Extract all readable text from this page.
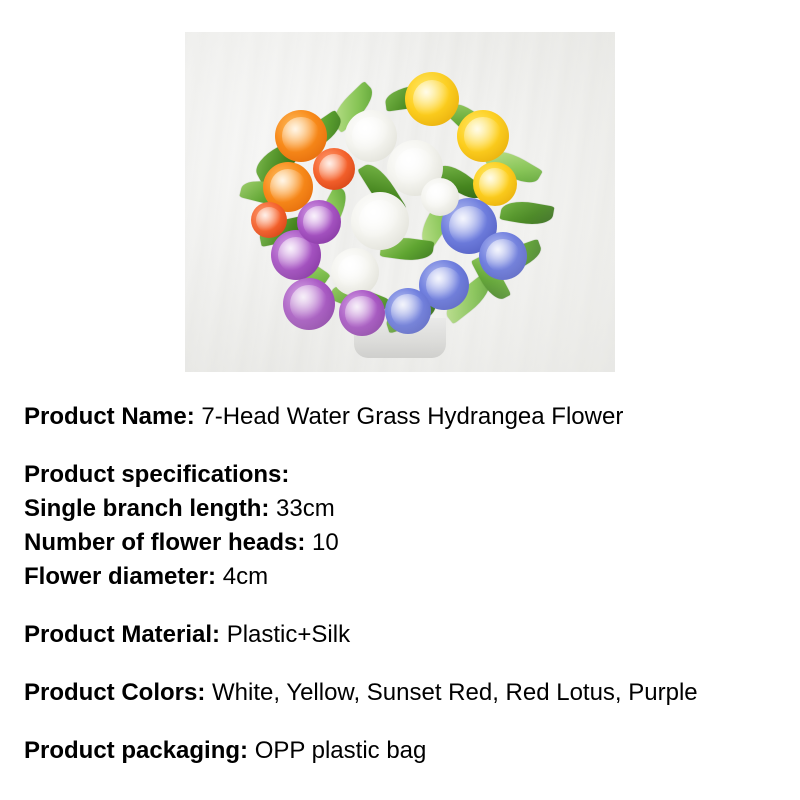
Product Name: 7-Head Water Grass Hydrangea Flower
Product specifications:
Single branch length: 33cm
Number of flower heads: 10
Flower diameter: 4cm
Product Material: Plastic+Silk
Product Colors: White, Yellow, Sunset Red, Red Lotus, Purple
Product packaging: OPP plastic bag
